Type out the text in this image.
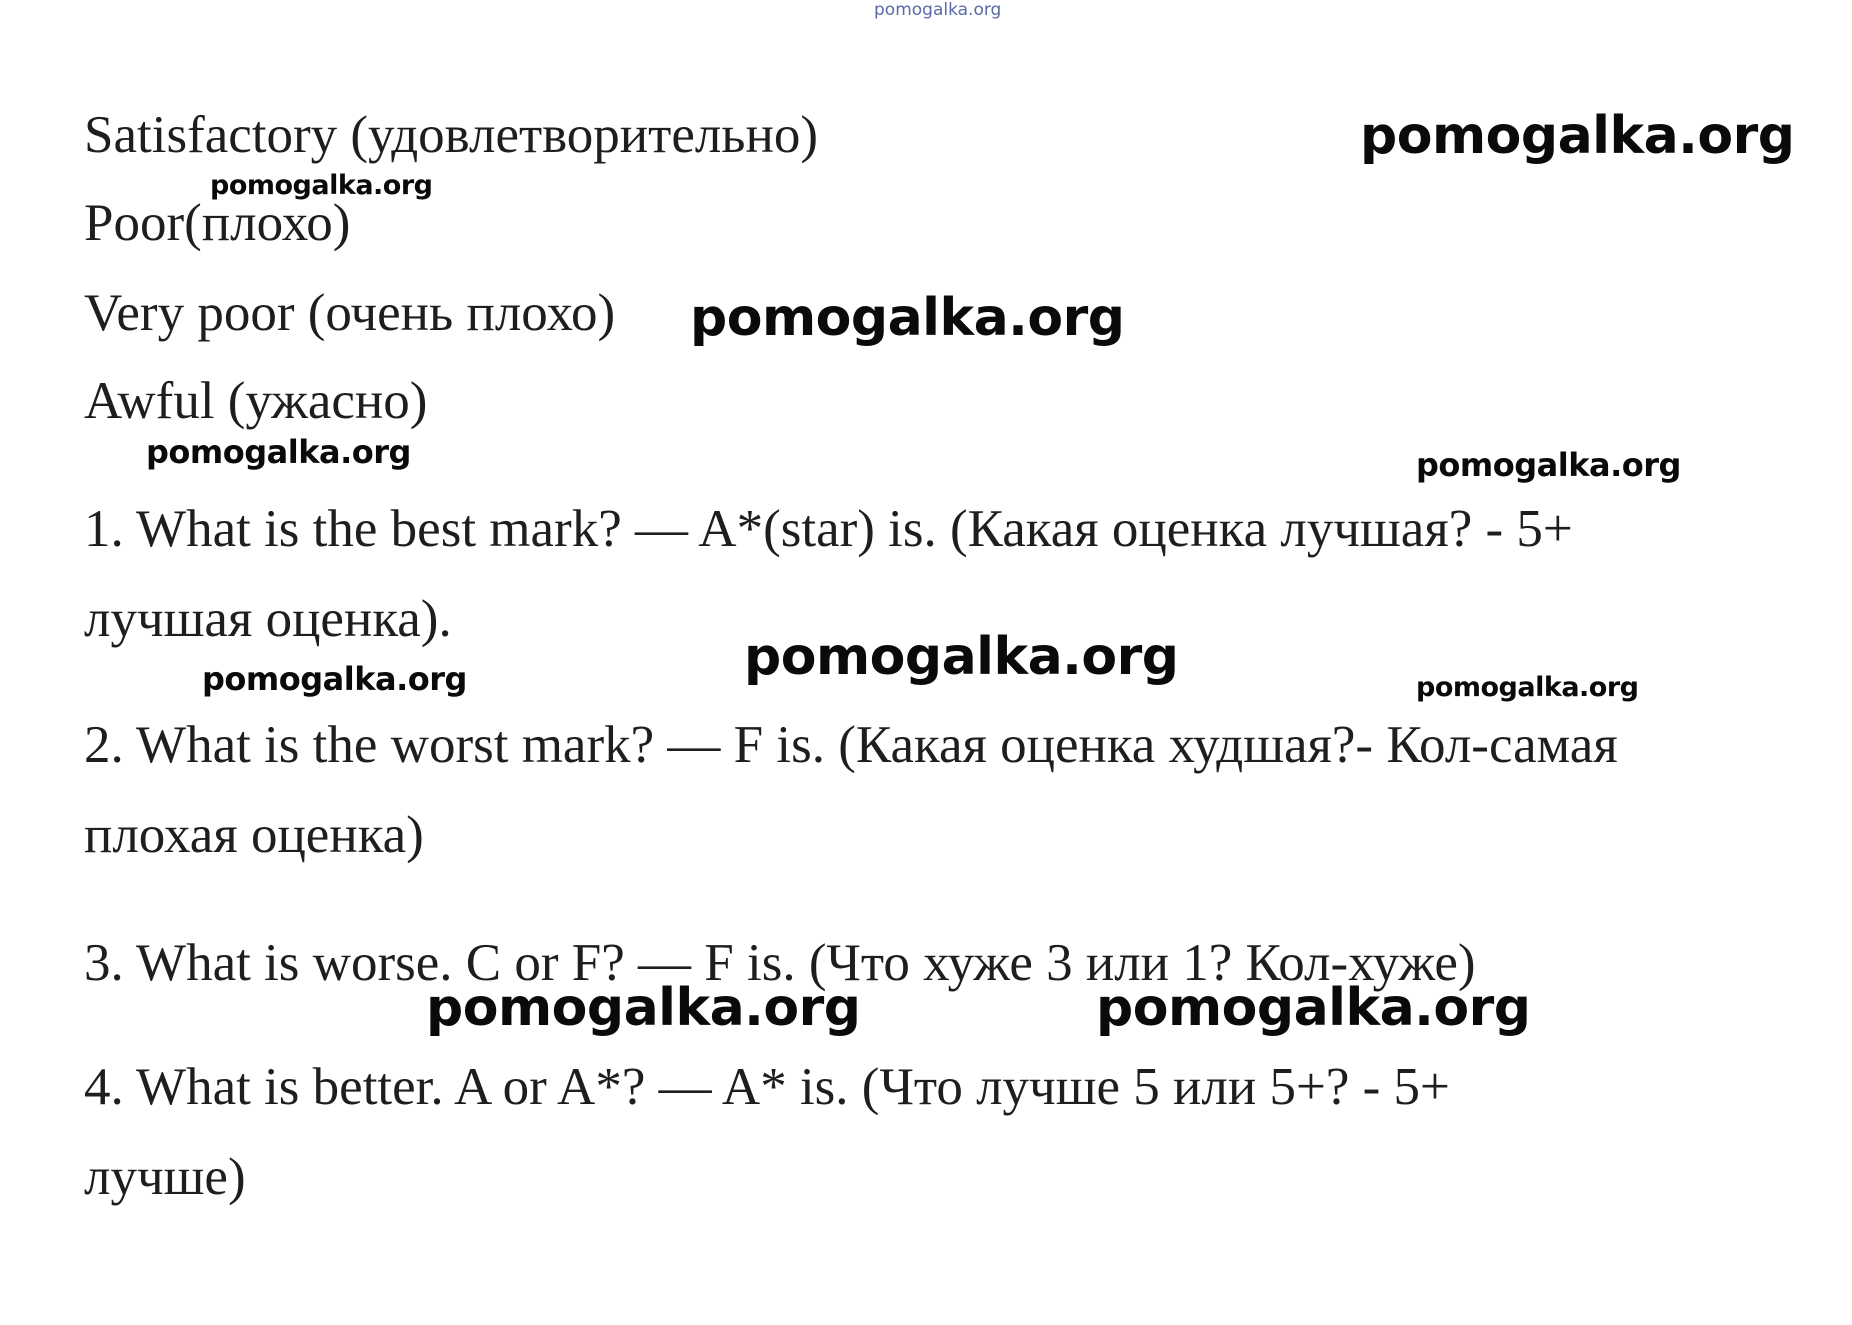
pomogalka.org
Satisfactory (удовлетворительно)
Poor(плохо)
Very poor (очень плохо)
Awful (ужасно)
1. What is the best mark? — A*(star) is. (Какая оценка лучшая? - 5+
лучшая оценка).
2. What is the worst mark? — F is. (Какая оценка худшая?- Кол-самая
плохая оценка)
3. What is worse. C or F? — F is. (Что хуже 3 или 1? Кол-хуже)
4. What is better. A or A*? — A* is. (Что лучше 5 или 5+? - 5+
лучше)
pomogalka.org
pomogalka.org
pomogalka.org
pomogalka.org	pomogalka.org
pomogalka.org
pomogalka.org	pomogalka.org
pomogalka.org	pomogalka.org
